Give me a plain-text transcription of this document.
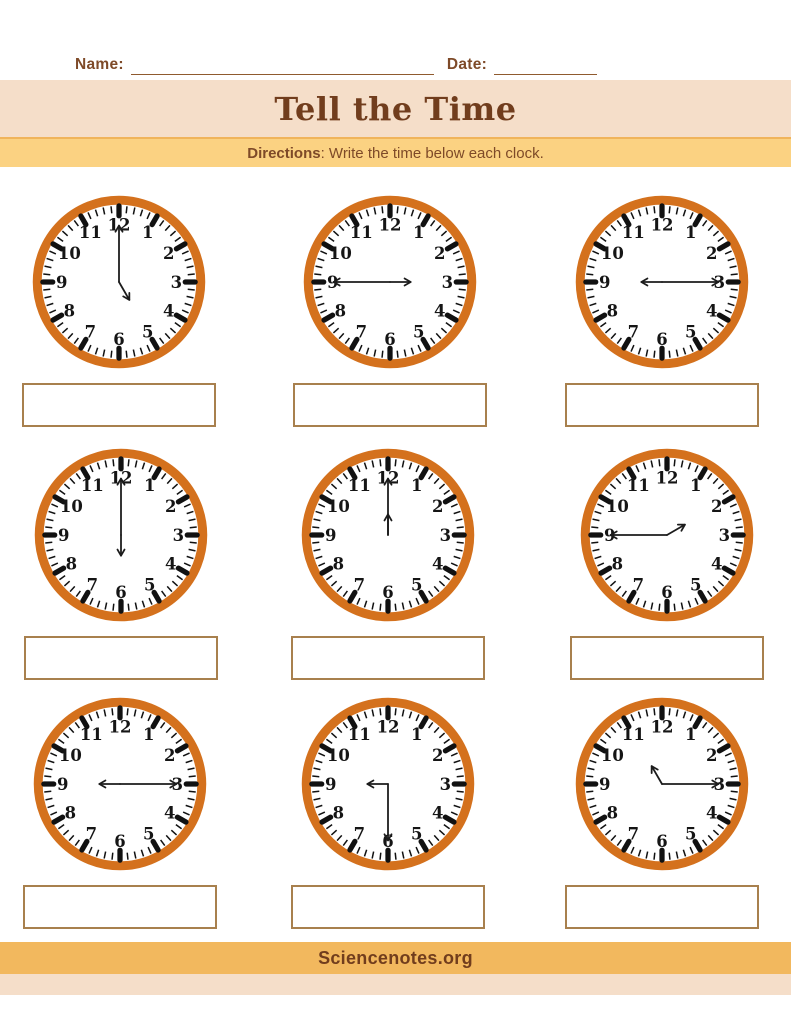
Name:	Date:
Tell the Time
Directions: Write the time below each clock.
12 1
2
3
4
5
6
7
8
9
10
11	12 1
2
3
4
5
6
7
8
9
10
11	12 1
2
3
4
5
6
7
8
9
10
11
12 1
2
3
4
5
6
7
8
9
10
11	12 1
2
3
4
5
6
7
8
9
10
11	12 1
2
3
4
5
6
7
8
9
10
11
12 1
2
3
4
5
6
7
8
9
10
11	12 1
2
3
4
5
6
7
8
9
10
11	12 1
2
3
4
5
6
7
8
9
10
11
Sciencenotes.org
